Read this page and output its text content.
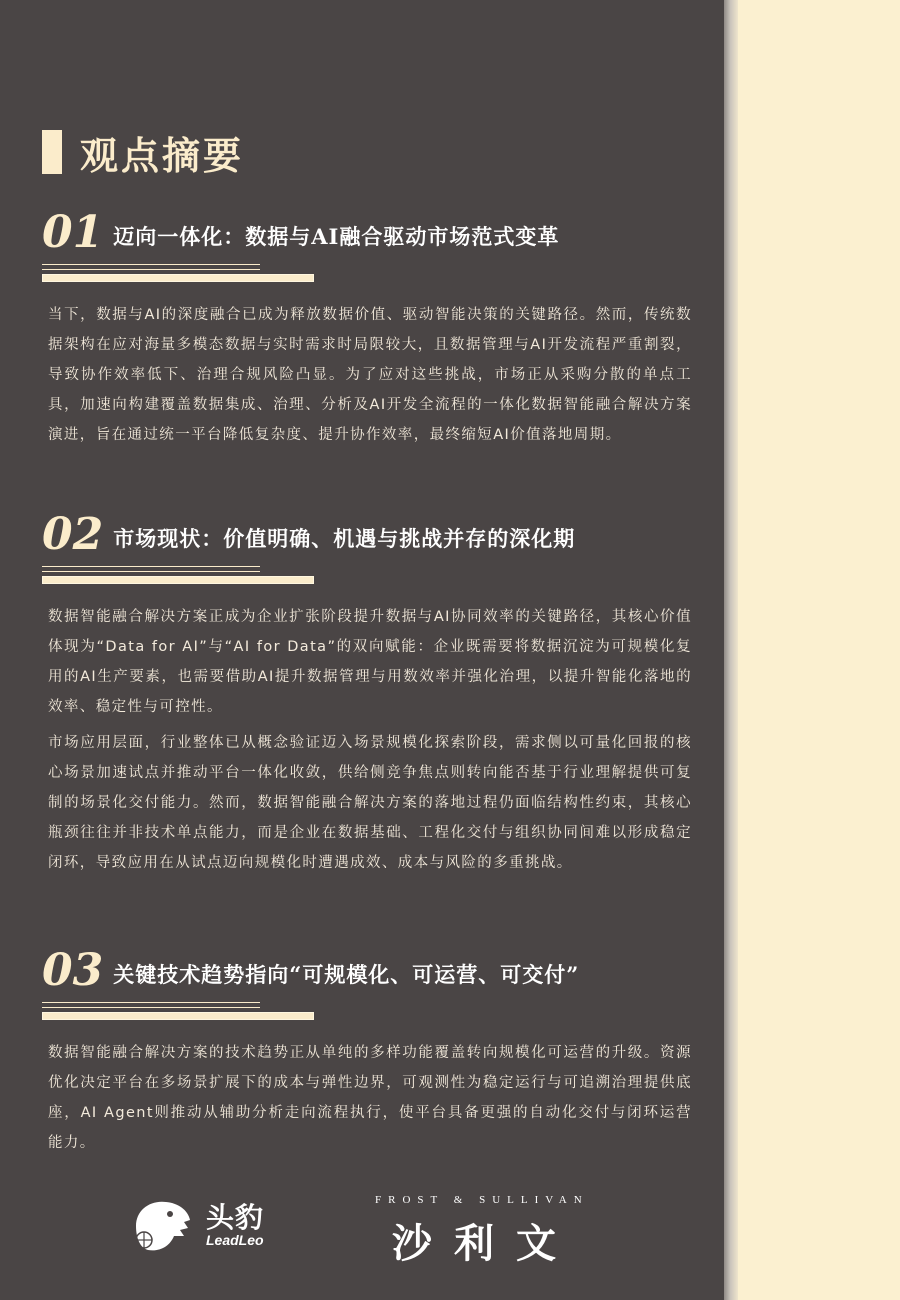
观点摘要
01 迈向一体化：数据与AI融合驱动市场范式变革

当下，数据与AI的深度融合已成为释放数据价值、驱动智能决策的关键路径。然而，传统数据架构在应对海量多模态数据与实时需求时局限较大，且数据管理与AI开发流程严重割裂，导致协作效率低下、治理合规风险凸显。为了应对这些挑战，市场正从采购分散的单点工具，加速向构建覆盖数据集成、治理、分析及AI开发全流程的一体化数据智能融合解决方案演进，旨在通过统一平台降低复杂度、提升协作效率，最终缩短AI价值落地周期。

02 市场现状：价值明确、机遇与挑战并存的深化期

数据智能融合解决方案正成为企业扩张阶段提升数据与AI协同效率的关键路径，其核心价值体现为“Data for AI”与“AI for Data”的双向赋能：企业既需要将数据沉淀为可规模化复用的AI生产要素，也需要借助AI提升数据管理与用数效率并强化治理，以提升智能化落地的效率、稳定性与可控性。

市场应用层面，行业整体已从概念验证迈入场景规模化探索阶段，需求侧以可量化回报的核心场景加速试点并推动平台一体化收敛，供给侧竞争焦点则转向能否基于行业理解提供可复制的场景化交付能力。然而，数据智能融合解决方案的落地过程仍面临结构性约束，其核心瓶颈往往并非技术单点能力，而是企业在数据基础、工程化交付与组织协同间难以形成稳定闭环，导致应用在从试点迈向规模化时遭遇成效、成本与风险的多重挑战。

03 关键技术趋势指向“可规模化、可运营、可交付”

数据智能融合解决方案的技术趋势正从单纯的多样功能覆盖转向规模化可运营的升级。资源优化决定平台在多场景扩展下的成本与弹性边界，可观测性为稳定运行与可追溯治理提供底座，AI Agent则推动从辅助分析走向流程执行，使平台具备更强的自动化交付与闭环运营能力。

头豹
LeadLeo
FROST & SULLIVAN
沙利文
